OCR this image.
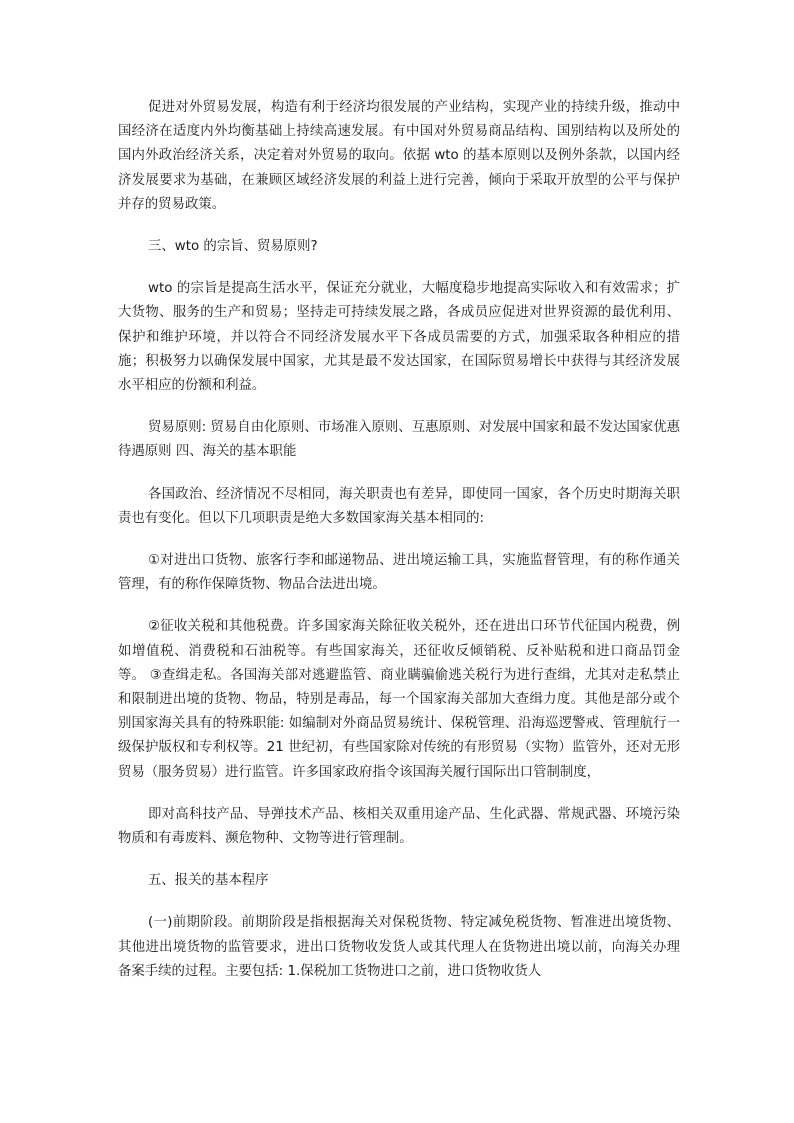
促进对外贸易发展，构造有利于经济均很发展的产业结构，实现产业的持续升级，推动中国经济在适度内外均衡基础上持续高速发展。有中国对外贸易商品结构、国别结构以及所处的国内外政治经济关系，决定着对外贸易的取向。依据 wto 的基本原则以及例外条款，以国内经济发展要求为基础，在兼顾区域经济发展的利益上进行完善，倾向于采取开放型的公平与保护并存的贸易政策。

三、wto 的宗旨、贸易原则?

wto 的宗旨是提高生活水平，保证充分就业，大幅度稳步地提高实际收入和有效需求；扩大货物、服务的生产和贸易；坚持走可持续发展之路，各成员应促进对世界资源的最优利用、保护和维护环境，并以符合不同经济发展水平下各成员需要的方式，加强采取各种相应的措施；积极努力以确保发展中国家，尤其是最不发达国家，在国际贸易增长中获得与其经济发展水平相应的份额和利益。

贸易原则: 贸易自由化原则、市场准入原则、互惠原则、对发展中国家和最不发达国家优惠待遇原则 四、海关的基本职能

各国政治、经济情况不尽相同，海关职责也有差异，即使同一国家，各个历史时期海关职责也有变化。但以下几项职责是绝大多数国家海关基本相同的:

①对进出口货物、旅客行李和邮递物品、进出境运输工具，实施监督管理，有的称作通关管理，有的称作保障货物、物品合法进出境。

②征收关税和其他税费。许多国家海关除征收关税外，还在进出口环节代征国内税费，例如增值税、消费税和石油税等。有些国家海关，还征收反倾销税、反补贴税和进口商品罚金等。 ③查缉走私。各国海关部对逃避监管、商业瞒骗偷逃关税行为进行查缉，尤其对走私禁止和限制进出境的货物、物品，特别是毒品，每一个国家海关部加大查缉力度。其他是部分或个别国家海关具有的特殊职能: 如编制对外商品贸易统计、保税管理、沿海巡逻警戒、管理航行一级保护版权和专利权等。21 世纪初，有些国家除对传统的有形贸易（实物）监管外，还对无形贸易（服务贸易）进行监管。许多国家政府指令该国海关履行国际出口管制制度，

即对高科技产品、导弹技术产品、核相关双重用途产品、生化武器、常规武器、环境污染物质和有毒废料、濒危物种、文物等进行管理制。

五、报关的基本程序

(一)前期阶段。前期阶段是指根据海关对保税货物、特定减免税货物、暂准进出境货物、其他进出境货物的监管要求，进出口货物收发货人或其代理人在货物进出境以前，向海关办理备案手续的过程。主要包括: 1.保税加工货物进口之前，进口货物收货人
